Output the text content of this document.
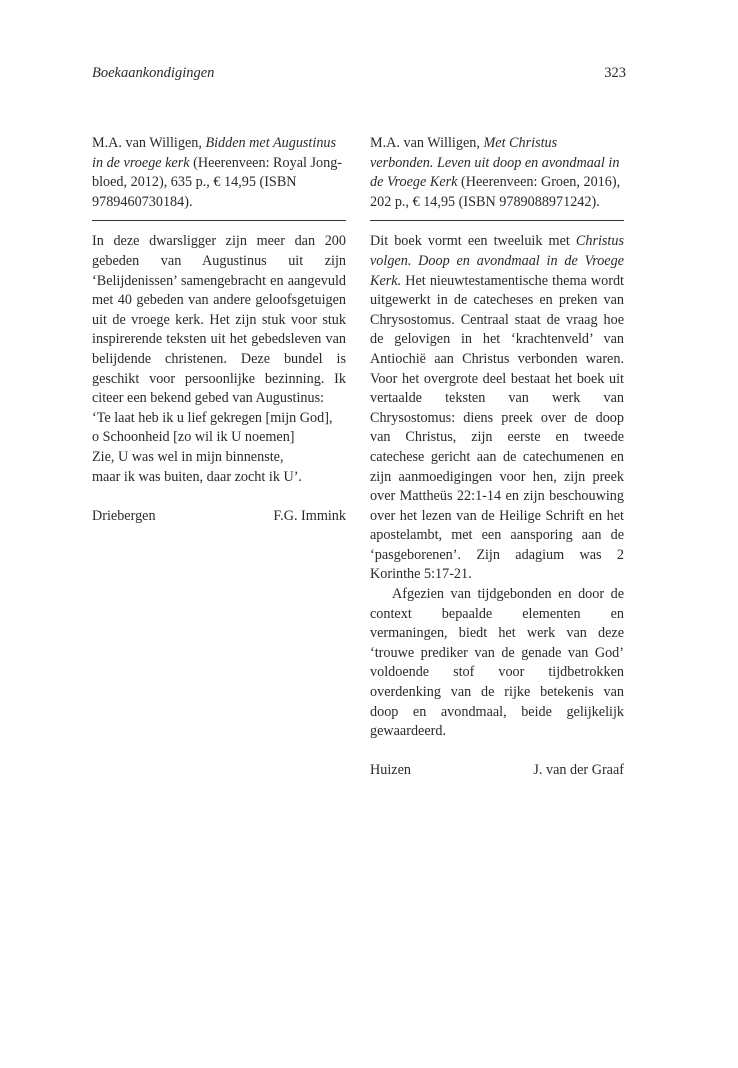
Boekaankondigingen	323

M.A. van Willigen, Bidden met Augustinus in de vroege kerk (Heerenveen: Royal Jong-bloed, 2012), 635 p., € 14,95 (ISBN 9789460730184).

In deze dwarsligger zijn meer dan 200 gebeden van Augustinus uit zijn ‘Belijdenissen’ samengebracht en aangevuld met 40 gebeden van andere geloofsgetuigen uit de vroege kerk. Het zijn stuk voor stuk inspirerende teksten uit het gebedsleven van belijdende christenen. Deze bundel is geschikt voor persoonlijke bezinning. Ik citeer een bekend gebed van Augustinus:

‘Te laat heb ik u lief gekregen [mijn God],
o Schoonheid [zo wil ik U noemen]
Zie, U was wel in mijn binnenste,
maar ik was buiten, daar zocht ik U’.
Driebergen	F.G. Immink

M.A. van Willigen, Met Christus verbonden. Leven uit doop en avondmaal in de Vroege Kerk (Heerenveen: Groen, 2016), 202 p., € 14,95 (ISBN 9789088971242).

Dit boek vormt een tweeluik met Christus volgen. Doop en avondmaal in de Vroege Kerk. Het nieuwtestamentische thema wordt uitgewerkt in de catecheses en preken van Chrysostomus. Centraal staat de vraag hoe de gelovigen in het ‘krachtenveld’ van Antiochië aan Christus verbonden waren. Voor het overgrote deel bestaat het boek uit vertaalde teksten van werk van Chrysostomus: diens preek over de doop van Christus, zijn eerste en tweede catechese gericht aan de catechumenen en zijn aanmoedigingen voor hen, zijn preek over Mattheüs 22:1-14 en zijn beschouwing over het lezen van de Heilige Schrift en het apostelambt, met een aansporing aan de ‘pasgeborenen’. Zijn adagium was 2 Korinthe 5:17-21.

Afgezien van tijdgebonden en door de context bepaalde elementen en vermaningen, biedt het werk van deze ‘trouwe prediker van de genade van God’ voldoende stof voor tijdbetrokken overdenking van de rijke betekenis van doop en avondmaal, beide gelijkelijk gewaardeerd.

Huizen	J. van der Graaf
